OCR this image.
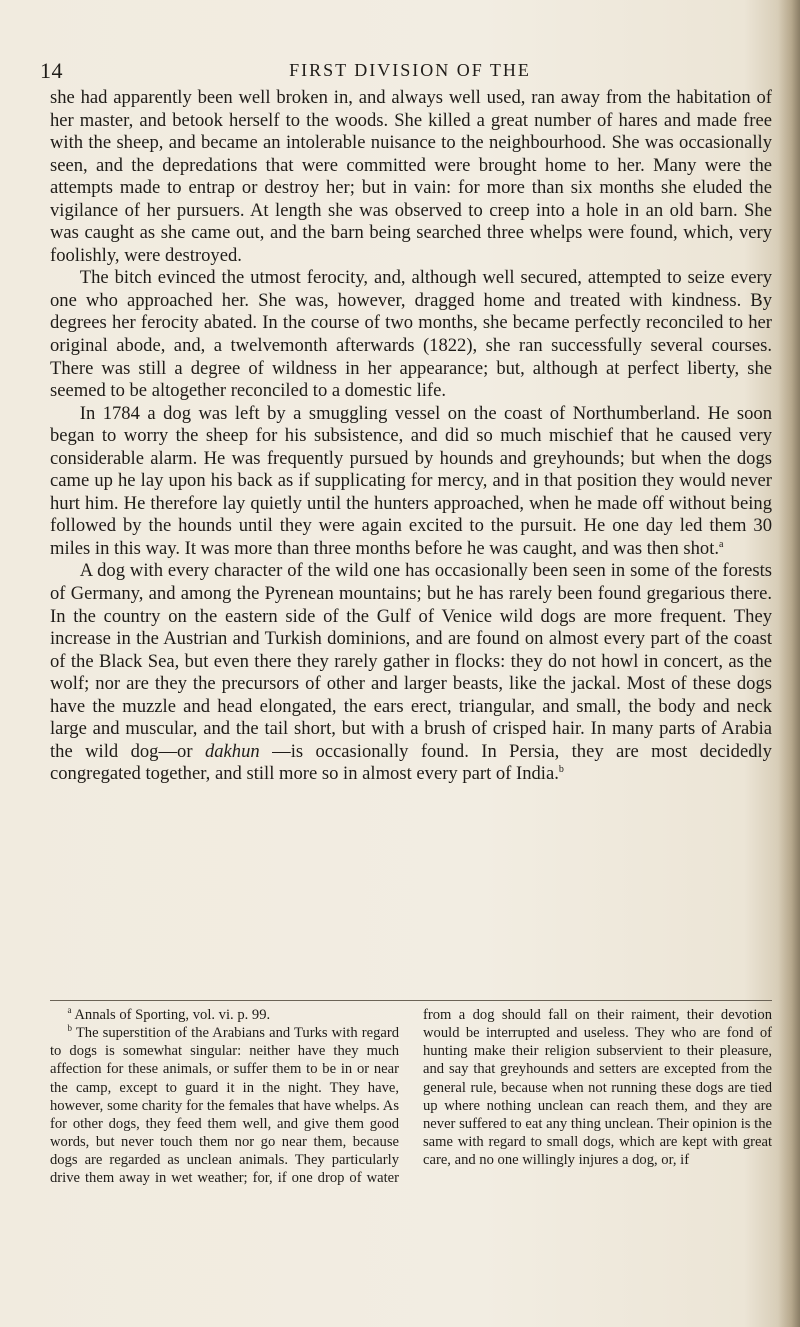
14	FIRST DIVISION OF THE

she had apparently been well broken in, and always well used, ran away from the habitation of her master, and betook herself to the woods. She killed a great number of hares and made free with the sheep, and became an intolerable nuisance to the neighbourhood. She was occasionally seen, and the depredations that were committed were brought home to her. Many were the attempts made to entrap or destroy her; but in vain: for more than six months she eluded the vigilance of her pursuers. At length she was observed to creep into a hole in an old barn. She was caught as she came out, and the barn being searched three whelps were found, which, very foolishly, were destroyed.

The bitch evinced the utmost ferocity, and, although well secured, attempted to seize every one who approached her. She was, however, dragged home and treated with kindness. By degrees her ferocity abated. In the course of two months, she became perfectly reconciled to her original abode, and, a twelvemonth afterwards (1822), she ran successfully several courses. There was still a degree of wildness in her appearance; but, although at perfect liberty, she seemed to be altogether reconciled to a domestic life.

In 1784 a dog was left by a smuggling vessel on the coast of Northumberland. He soon began to worry the sheep for his subsistence, and did so much mischief that he caused very considerable alarm. He was frequently pursued by hounds and greyhounds; but when the dogs came up he lay upon his back as if supplicating for mercy, and in that position they would never hurt him. He therefore lay quietly until the hunters approached, when he made off without being followed by the hounds until they were again excited to the pursuit. He one day led them 30 miles in this way. It was more than three months before he was caught, and was then shot.$^a$

A dog with every character of the wild one has occasionally been seen in some of the forests of Germany, and among the Pyrenean mountains; but he has rarely been found gregarious there. In the country on the eastern side of the Gulf of Venice wild dogs are more frequent. They increase in the Austrian and Turkish dominions, and are found on almost every part of the coast of the Black Sea, but even there they rarely gather in flocks: they do not howl in concert, as the wolf; nor are they the precursors of other and larger beasts, like the jackal. Most of these dogs have the muzzle and head elongated, the ears erect, triangular, and small, the body and neck large and muscular, and the tail short, but with a brush of crisped hair. In many parts of Arabia the wild dog—or dakhun —is occasionally found. In Persia, they are most decidedly congregated together, and still more so in almost every part of India.$^b$

$^a$ Annals of Sporting, vol. vi. p. 99.

$^b$ The superstition of the Arabians and Turks with regard to dogs is somewhat singular: neither have they much affection for these animals, or suffer them to be in or near the camp, except to guard it in the night. They have, however, some charity for the females that have whelps. As for other dogs, they feed them well, and give them good words, but never touch them nor go near them, because dogs are regarded as unclean animals. They particularly drive them away in wet weather; for, if one drop of water from a dog should fall on their raiment, their devotion would be interrupted and useless. They who are fond of hunting make their religion subservient to their pleasure, and say that greyhounds and setters are excepted from the general rule, because when not running these dogs are tied up where nothing unclean can reach them, and they are never suffered to eat any thing unclean. Their opinion is the same with regard to small dogs, which are kept with great care, and no one willingly injures a dog, or, if
